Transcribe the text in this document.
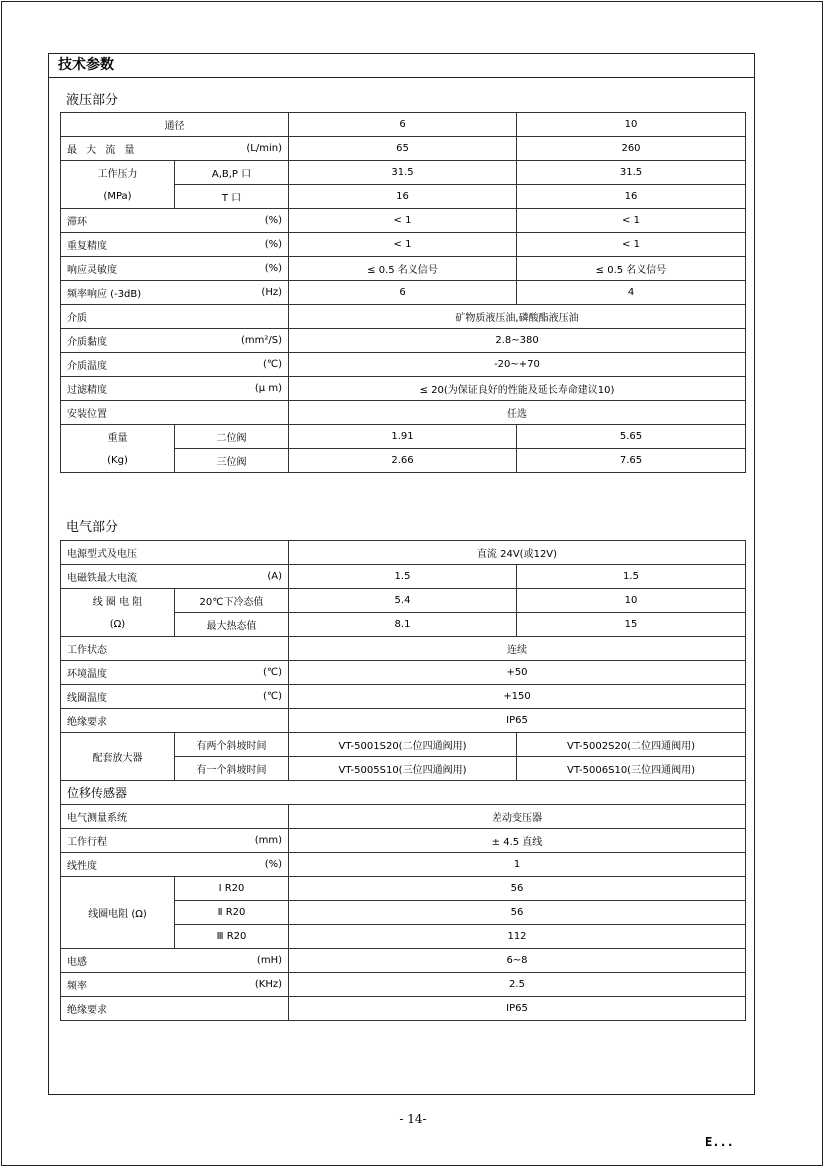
技术参数
液压部分
通径		6	10

最 大 流 量 (L/min)		65	260
工作压力	A,B,P 口	31.5	31.5
(MPa)	T 口	16	16

滞环 (%)		< 1	< 1

重复精度 (%)		< 1	< 1

响应灵敏度 (%)		≤ 0.5 名义信号	≤ 0.5 名义信号

频率响应 (-3dB) (Hz)		6	4

介质		矿物质液压油,磷酸酯液压油	

介质黏度 (mm²/S)		2.8~380	

介质温度 (℃)		-20~+70	

过滤精度 (μ m)		≤ 20(为保证良好的性能及延长寿命建议10)	

安装位置		任选	
重量	二位阀	1.91	5.65
(Kg)	三位阀	2.66	7.65
电气部分
电源型式及电压		直流 24V(或12V)	

电磁铁最大电流 (A)		1.5	1.5
线 圈 电 阻	20℃下冷态值	5.4	10
(Ω)	最大热态值	8.1	15
工作状态		连续	

环境温度 (℃)		+50	

线圈温度 (℃)		+150	
绝缘要求		IP65	
配套放大器	有两个斜坡时间	VT-5001S20(二位四通阀用)	VT-5002S20(二位四通阀用)
	有一个斜坡时间	VT-5005S10(三位四通阀用)	VT-5006S10(三位四通阀用)
位移传感器			
电气测量系统		差动变压器	

工作行程 (mm)		± 4.5 直线	

线性度 (%)		1	
线圈电阻 (Ω)	Ⅰ R20	56	
	Ⅱ R20	56	
	Ⅲ R20	112	

电感 (mH)		6~8	

频率 (KHz)		2.5	
绝缘要求		IP65	
- 14-
E...
